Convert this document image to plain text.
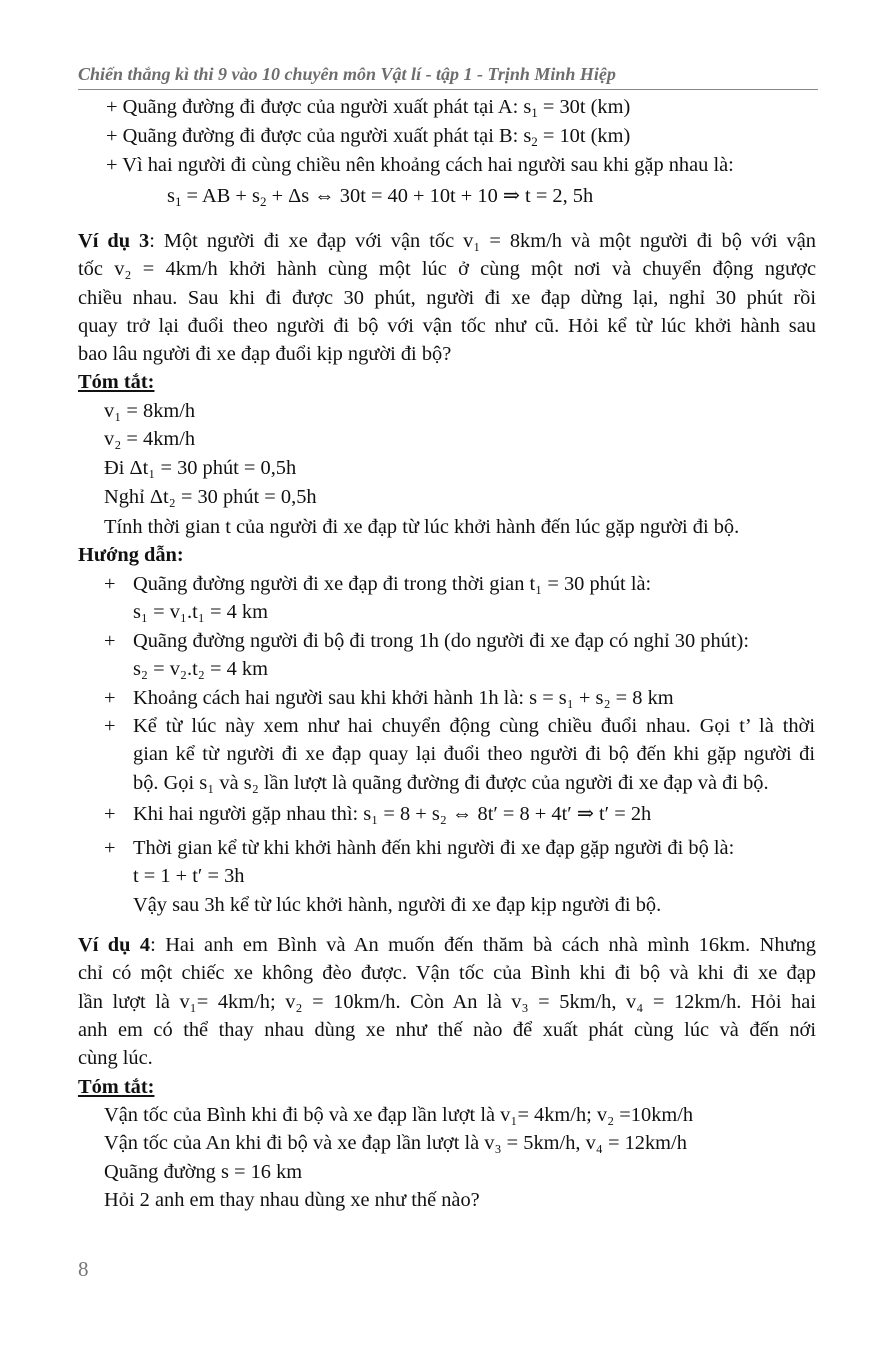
Chiến thắng kì thi 9 vào 10 chuyên môn Vật lí - tập 1 - Trịnh Minh Hiệp
+ Quãng đường đi được của người xuất phát tại A: $s_1 = 30t$ (km)
+ Quãng đường đi được của người xuất phát tại B: $s_2 = 10t$ (km)
+ Vì hai người đi cùng chiều nên khoảng cách hai người sau khi gặp nhau là:
$s_1$ = AB + $s_2 + \Delta s$ ⇔ 30t = 40 + 10t + 10 ⇒ t = 2, 5h
Ví dụ 3: Một người đi xe đạp với vận tốc v₁ = 8km/h và một người đi bộ với vận
tốc v₂ = 4km/h khởi hành cùng một lúc ở cùng một nơi và chuyển động ngược
chiều nhau. Sau khi đi được 30 phút, người đi xe đạp dừng lại, nghỉ 30 phút rồi
quay trở lại đuổi theo người đi bộ với vận tốc như cũ. Hỏi kể từ lúc khởi hành sau
bao lâu người đi xe đạp đuổi kịp người đi bộ?
Tóm tắt:
v₁ = 8km/h
v₂ = 4km/h
Đi Δt₁ = 30 phút = 0,5h
Nghỉ Δt₂ = 30 phút = 0,5h
Tính thời gian t của người đi xe đạp từ lúc khởi hành đến lúc gặp người đi bộ.
Hướng dẫn:
+ Quãng đường người đi xe đạp đi trong thời gian t₁ = 30 phút là:
s₁ = v₁.t₁ = 4 km
+ Quãng đường người đi bộ đi trong 1h (do người đi xe đạp có nghỉ 30 phút):
s₂ = v₂.t₂ = 4 km
+ Khoảng cách hai người sau khi khởi hành 1h là: s = s₁ + s₂ = 8 km
+ Kể từ lúc này xem như hai chuyển động cùng chiều đuổi nhau. Gọi t’ là thời
gian kể từ người đi xe đạp quay lại đuổi theo người đi bộ đến khi gặp người đi
bộ. Gọi s₁ và s₂ lần lượt là quãng đường đi được của người đi xe đạp và đi bộ.
+ Khi hai người gặp nhau thì: s₁ = 8 + s₂ ⇔ 8t′ = 8 + 4t′ ⇒ t′ = 2h
+ Thời gian kể từ khi khởi hành đến khi người đi xe đạp gặp người đi bộ là:
t = 1 + t′ = 3h
Vậy sau 3h kể từ lúc khởi hành, người đi xe đạp kịp người đi bộ.
Ví dụ 4: Hai anh em Bình và An muốn đến thăm bà cách nhà mình 16km. Nhưng
chỉ có một chiếc xe không đèo được. Vận tốc của Bình khi đi bộ và khi đi xe đạp
lần lượt là v₁= 4km/h; v₂ = 10km/h. Còn An là v₃ = 5km/h, v₄ = 12km/h. Hỏi hai
anh em có thể thay nhau dùng xe như thế nào để xuất phát cùng lúc và đến nới
cùng lúc.
Tóm tắt:
Vận tốc của Bình khi đi bộ và xe đạp lần lượt là v₁= 4km/h; v₂ =10km/h
Vận tốc của An khi đi bộ và xe đạp lần lượt là v₃ = 5km/h, v₄ = 12km/h
Quãng đường s = 16 km
Hỏi 2 anh em thay nhau dùng xe như thế nào?
8
